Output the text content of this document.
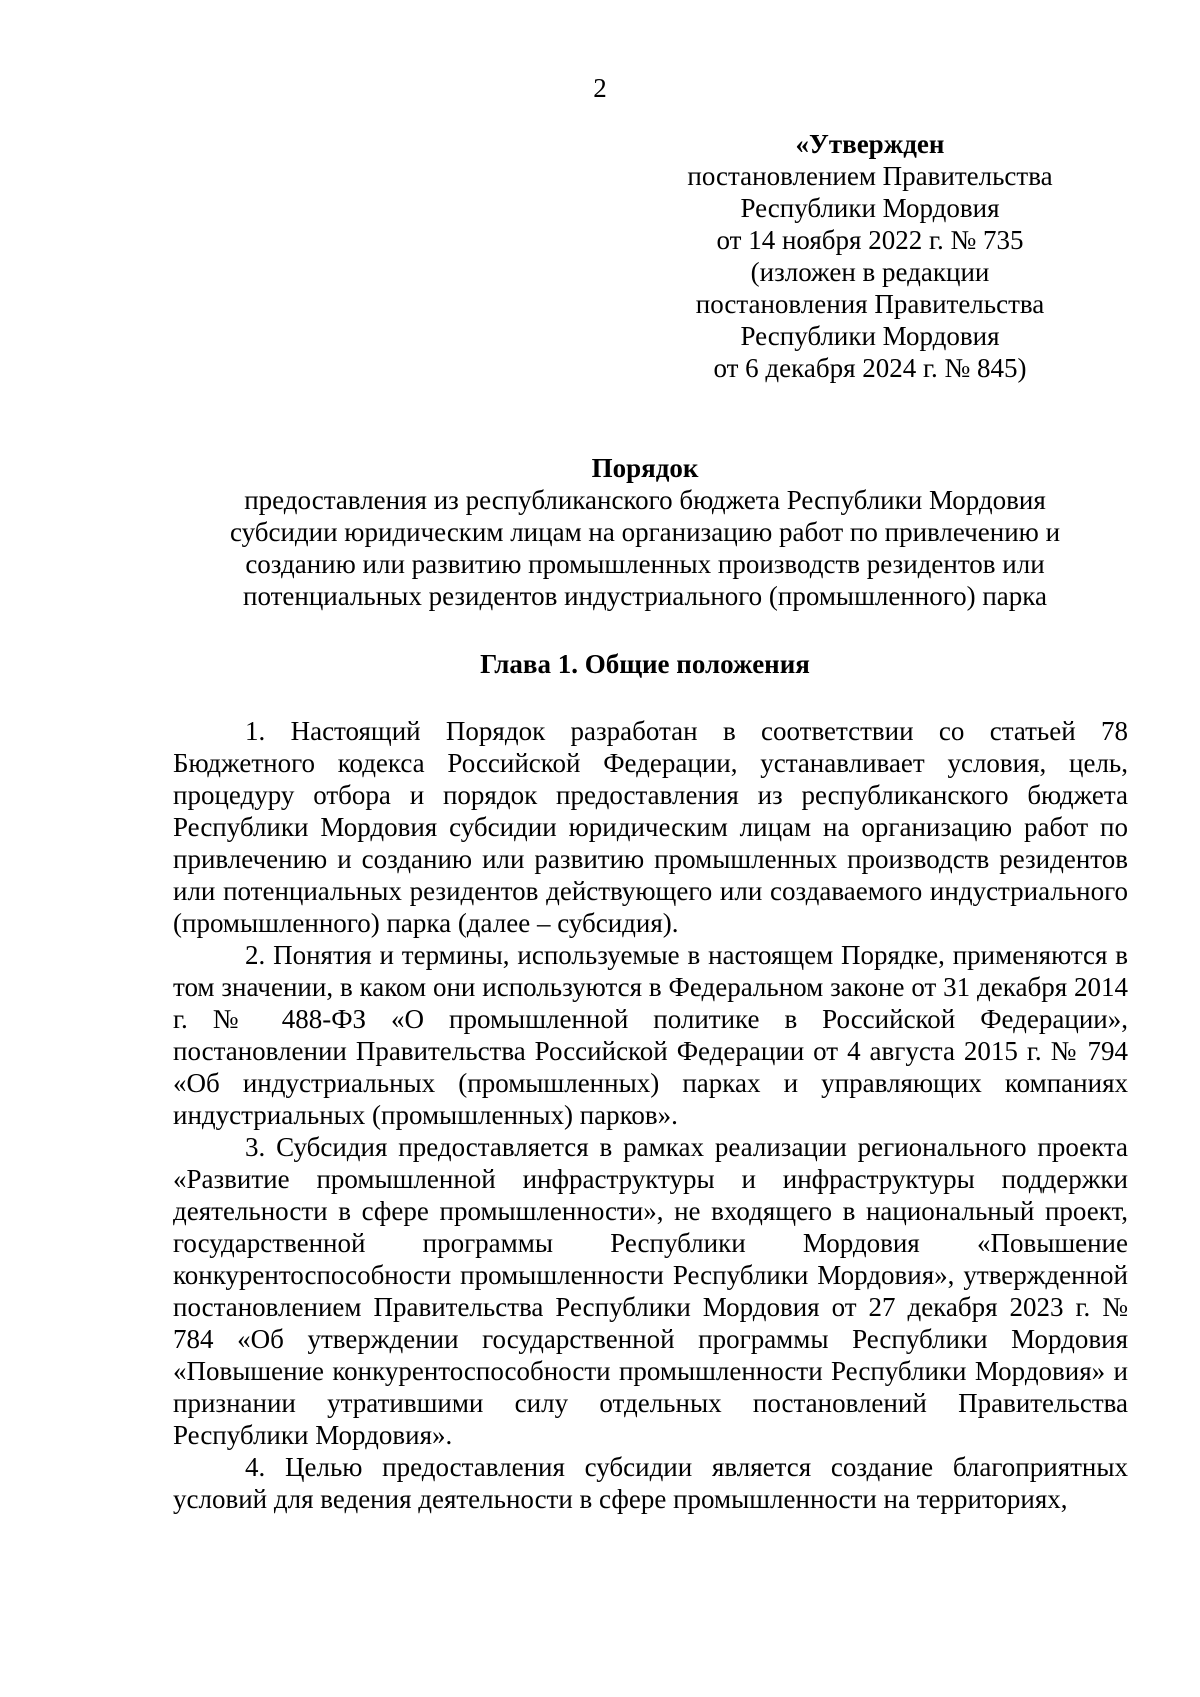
2
«Утвержден
постановлением Правительства
Республики Мордовия
от 14 ноября 2022 г. № 735
(изложен в редакции
постановления Правительства
Республики Мордовия
от 6 декабря 2024 г. № 845)
Порядок
предоставления из республиканского бюджета Республики Мордовия
субсидии юридическим лицам на организацию работ по привлечению и
созданию или развитию промышленных производств резидентов или
потенциальных резидентов индустриального (промышленного) парка
Глава 1. Общие положения

1. Настоящий Порядок разработан в соответствии со статьей 78 Бюджетного кодекса Российской Федерации, устанавливает условия, цель, процедуру отбора и порядок предоставления из республиканского бюджета Республики Мордовия субсидии юридическим лицам на организацию работ по привлечению и созданию или развитию промышленных производств резидентов или потенциальных резидентов действующего или создаваемого индустриального (промышленного) парка (далее – субсидия).

2. Понятия и термины, используемые в настоящем Порядке, применяются в том значении, в каком они используются в Федеральном законе от 31 декабря 2014 г. № 488-ФЗ «О промышленной политике в Российской Федерации», постановлении Правительства Российской Федерации от 4 августа 2015 г. № 794 «Об индустриальных (промышленных) парках и управляющих компаниях индустриальных (промышленных) парков».

3. Субсидия предоставляется в рамках реализации регионального проекта «Развитие промышленной инфраструктуры и инфраструктуры поддержки деятельности в сфере промышленности», не входящего в национальный проект, государственной программы Республики Мордовия «Повышение конкурентоспособности промышленности Республики Мордовия», утвержденной постановлением Правительства Республики Мордовия от 27 декабря 2023 г. № 784 «Об утверждении государственной программы Республики Мордовия «Повышение конкурентоспособности промышленности Республики Мордовия» и признании утратившими силу отдельных постановлений Правительства Республики Мордовия».

4. Целью предоставления субсидии является создание благоприятных условий для ведения деятельности в сфере промышленности на территориях,
